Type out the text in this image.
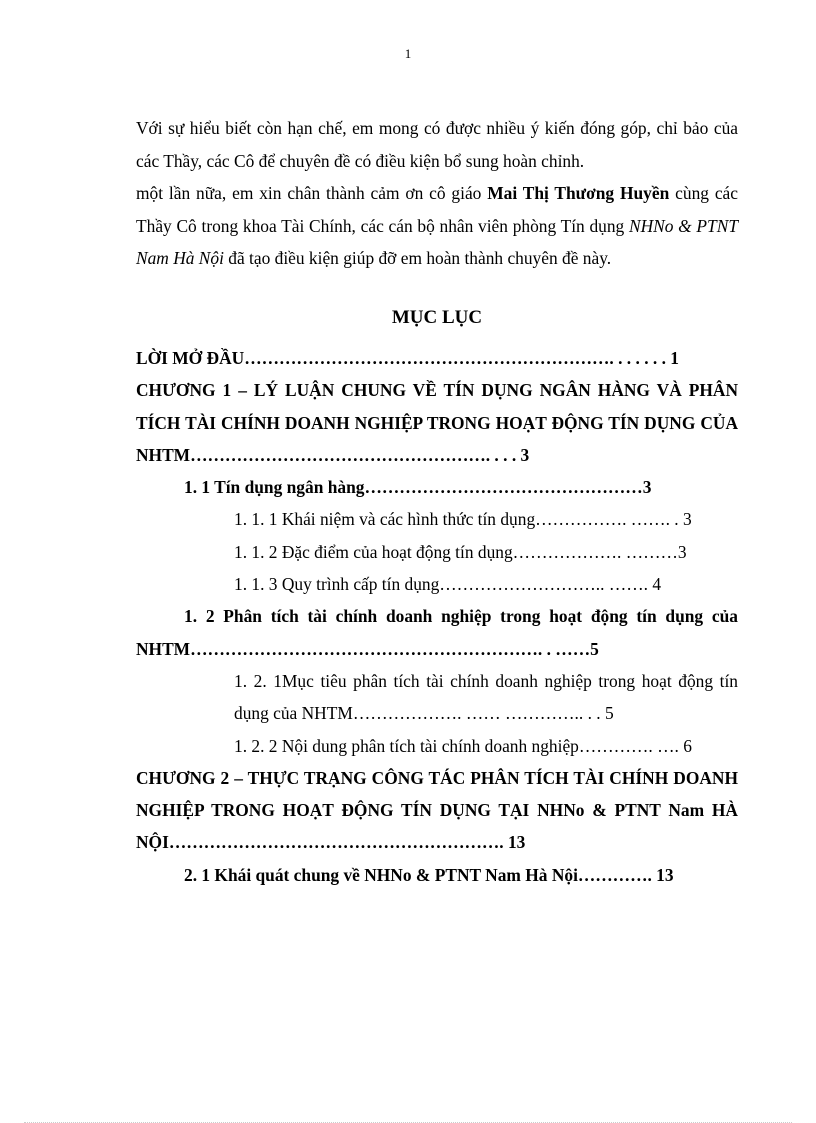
1

Với sự hiểu biết còn hạn chế, em mong có được nhiều ý kiến đóng góp, chỉ bảo của các Thầy, các Cô để chuyên đề có điều kiện bổ sung hoàn chỉnh.

một lần nữa, em xin chân thành cảm ơn cô giáo Mai Thị Thương Huyền cùng các Thầy Cô trong khoa Tài Chính, các cán bộ nhân viên phòng Tín dụng NHNo & PTNT Nam Hà Nội đã tạo điều kiện giúp đỡ em hoàn thành chuyên đề này.

MỤC LỤC
LỜI MỞ ĐẦU………………………………………………………. . . . . . . 1
CHƯƠNG 1 – LÝ LUẬN CHUNG VỀ TÍN DỤNG NGÂN HÀNG VÀ PHÂN TÍCH TÀI CHÍNH DOANH NGHIỆP TRONG HOẠT ĐỘNG TÍN DỤNG CỦA NHTM……………………………………………. . . . 3
1. 1 Tín dụng ngân hàng…………………………………………3
1. 1. 1 Khái niệm và các hình thức tín dụng……………. ……. . 3
1. 1. 2 Đặc điểm của hoạt động tín dụng………………. ………3
1. 1. 3 Quy trình cấp tín dụng……………………….. ……. 4
1. 2 Phân tích tài chính doanh nghiệp trong hoạt động tín dụng của NHTM……………………………………………………. . ……5
1. 2. 1Mục tiêu phân tích tài chính doanh nghiệp trong hoạt động tín dụng của NHTM………………. …… ………….. . . 5
1. 2. 2 Nội dung phân tích tài chính doanh nghiệp…………. …. 6
CHƯƠNG 2 – THỰC TRẠNG CÔNG TÁC PHÂN TÍCH TÀI CHÍNH DOANH NGHIỆP TRONG HOẠT ĐỘNG TÍN DỤNG TẠI NHNo & PTNT Nam HÀ NỘI…………………………………………………. 13
2. 1 Khái quát chung về NHNo & PTNT Nam Hà Nội…………. 13
